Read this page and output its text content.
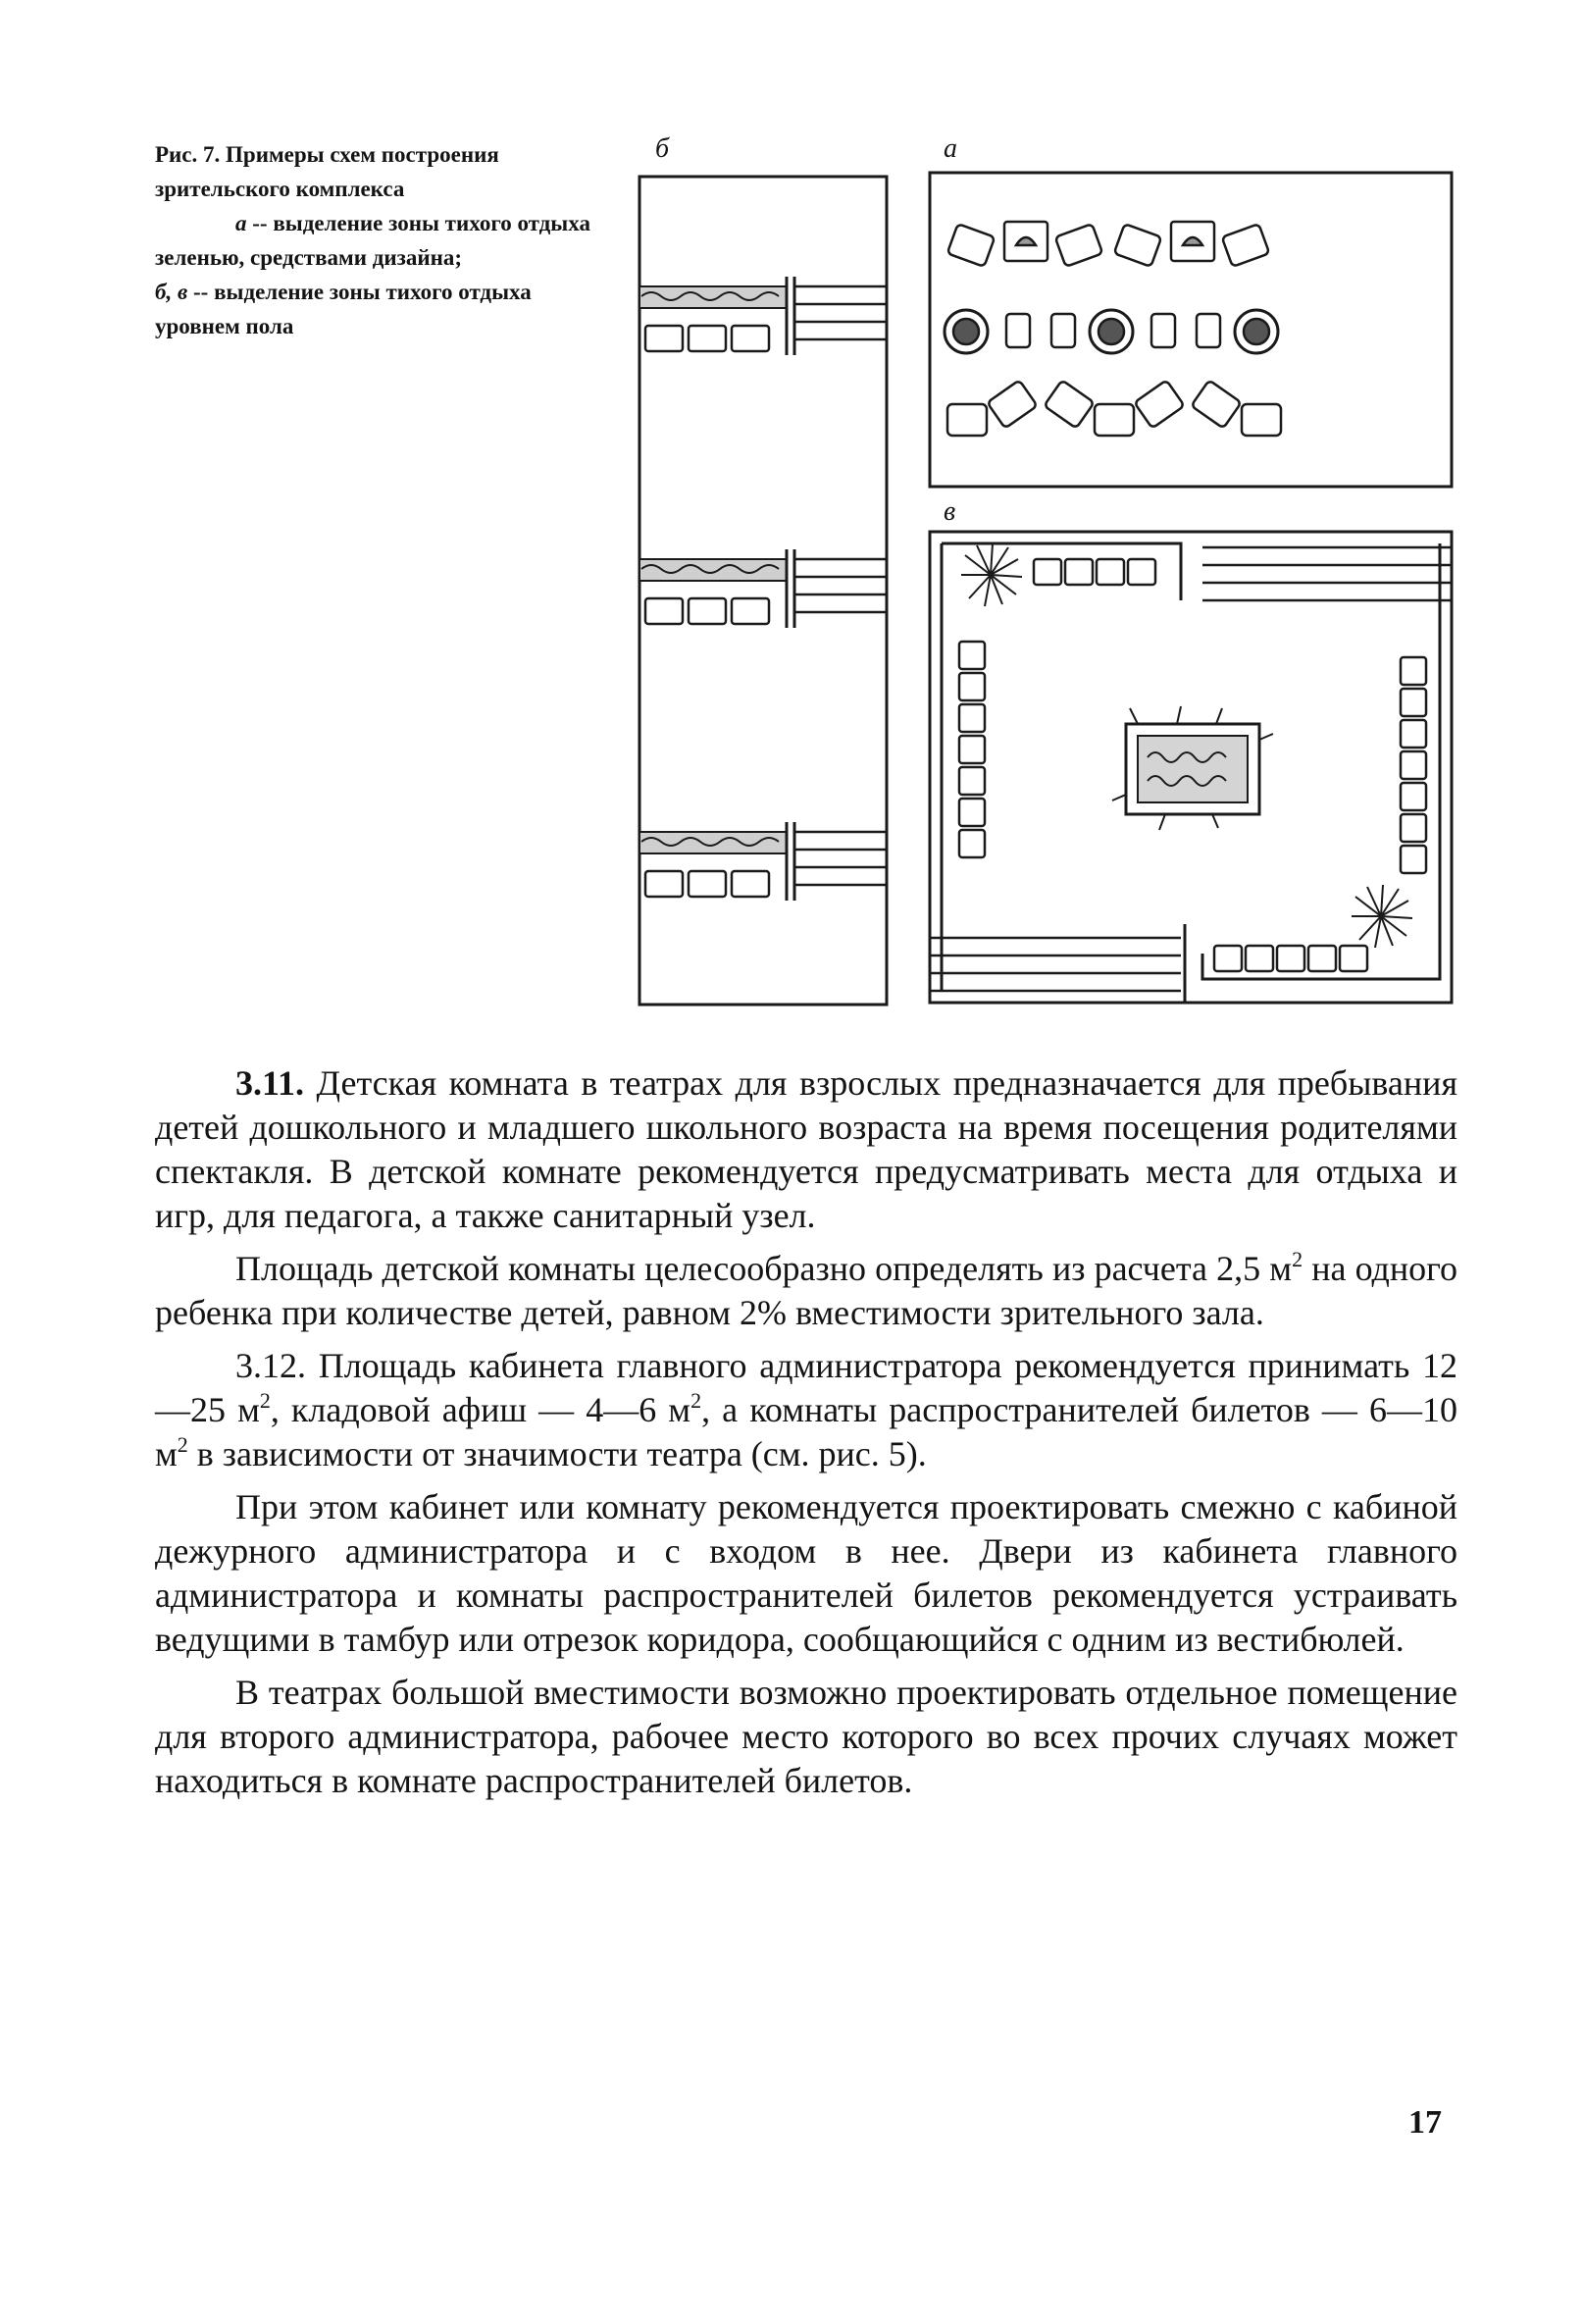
Рис. 7. Примеры схем построения зрительского комплекса

а -- выделение зоны тихого отдыха зеленью, средствами дизайна;

б, в -- выделение зоны тихого отдыха уровнем пола

б	а
в

3.11. Детская комната в театрах для взрослых предназначается для пребывания детей дошкольного и младшего школьного возраста на время посещения родителями спектакля. В детской комнате рекомендуется предусматривать места для отдыха и игр, для педагога, а также санитарный узел.

Площадь детской комнаты целесообразно определять из расчета 2,5 $м^2$ на одного ребенка при количестве детей, равном 2% вместимости зрительного зала.

3.12. Площадь кабинета главного администратора рекомендуется принимать 12—25 $м^2$, кладовой афиш — 4—6 $м^2$, а комнаты распространителей билетов — 6—10 $м^2$ в зависимости от значимости театра (см. рис. 5).

При этом кабинет или комнату рекомендуется проектировать смежно с кабиной дежурного администратора и с входом в нее. Двери из кабинета главного администратора и комнаты распространителей билетов рекомендуется устраивать ведущими в тамбур или отрезок коридора, сообщающийся с одним из вестибюлей.

В театрах большой вместимости возможно проектировать отдельное помещение для второго администратора, рабочее место которого во всех прочих случаях может находиться в комнате распространителей билетов.

17
